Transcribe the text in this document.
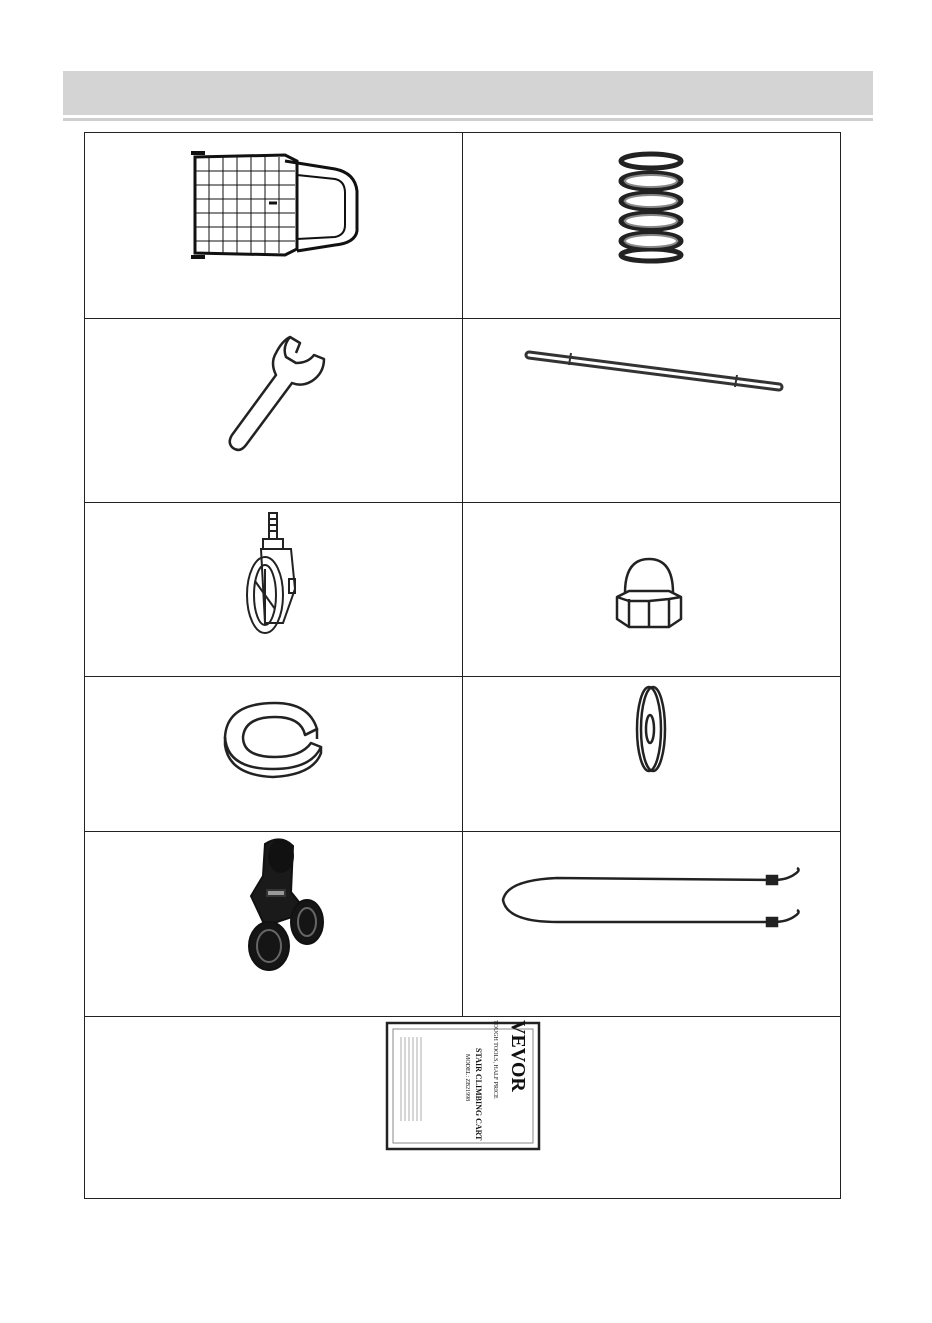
VEVOR
TOUGH TOOLS, HALF PRICE
STAIR CLIMBING CART
MODEL: ZB21998
